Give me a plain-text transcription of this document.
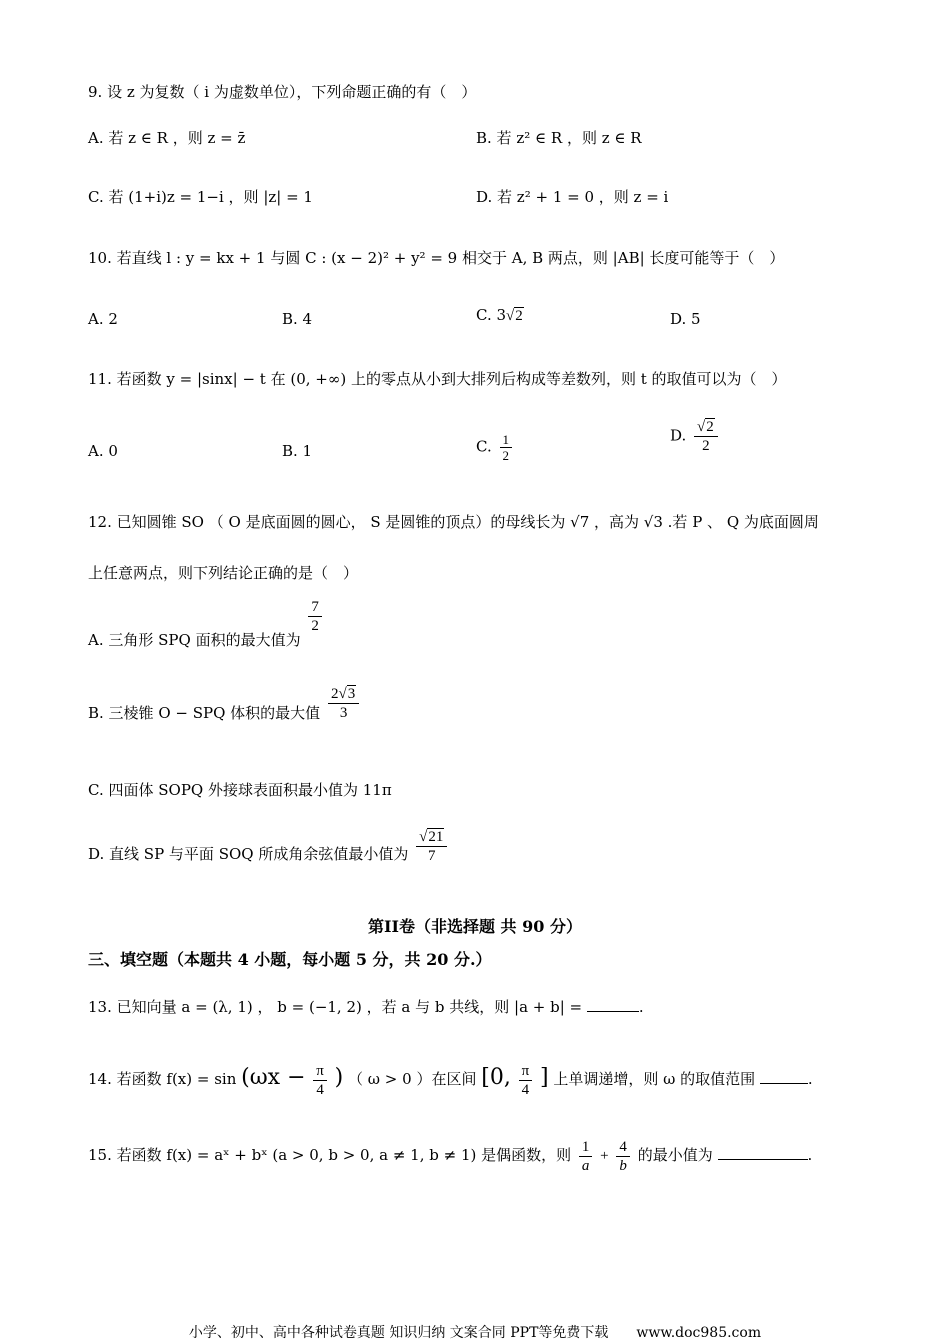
9. 设 z 为复数（ i 为虚数单位），下列命题正确的有（　）
A. 若 z ∈ R ，则 z = z̄	B. 若 z² ∈ R ，则 z ∈ R
C. 若 (1+i)z = 1−i ，则 |z| = 1	D. 若 z² + 1 = 0 ，则 z = i
10. 若直线 l : y = kx + 1 与圆 C : (x − 2)² + y² = 9 相交于 A, B 两点，则 |AB| 长度可能等于（　）
A. 2	B. 4	C. 3√2	D. 5
11. 若函数 y = |sinx| − t 在 (0, +∞) 上的零点从小到大排列后构成等差数列，则 t 的取值可以为（　）
A. 0	B. 1	C. $\frac{1}{2}$	D. $\frac{√2}{2}$
12. 已知圆锥 SO （ O 是底面圆的圆心， S 是圆锥的顶点）的母线长为 √7 ，高为 √3 .若 P 、 Q 为底面圆周
上任意两点，则下列结论正确的是（　）
A. 三角形 SPQ 面积的最大值为
$\frac{7}{2}$
B. 三棱锥 O − SPQ 体积的最大值 $\frac{2√3}{3}$
C. 四面体 SOPQ 外接球表面积最小值为 11π
D. 直线 SP 与平面 SOQ 所成角余弦值最小值为 $\frac{√21}{7}$
第II卷（非选择题 共 90 分）
三、填空题（本题共 4 小题，每小题 5 分，共 20 分.）
13. 已知向量 a = (λ, 1) ， b = (−1, 2) ，若 a 与 b 共线，则 |a + b| =	.
14. 若函数 $f(x) = \sin (\omega x - \frac{\pi}{4}$ ) （ ω > 0 ）在区间 [0, $\frac{\pi}{4}$ ] 上单调递增，则 ω 的取值范围	.
15. 若函数 f(x) = aˣ + bˣ (a > 0, b > 0, a ≠ 1, b ≠ 1) 是偶函数，则 $\frac{1}{a} + \frac{4}{b}$ 的最小值为	.
小学、初中、高中各种试卷真题 知识归纳 文案合同 PPT等免费下载　　www.doc985.com
